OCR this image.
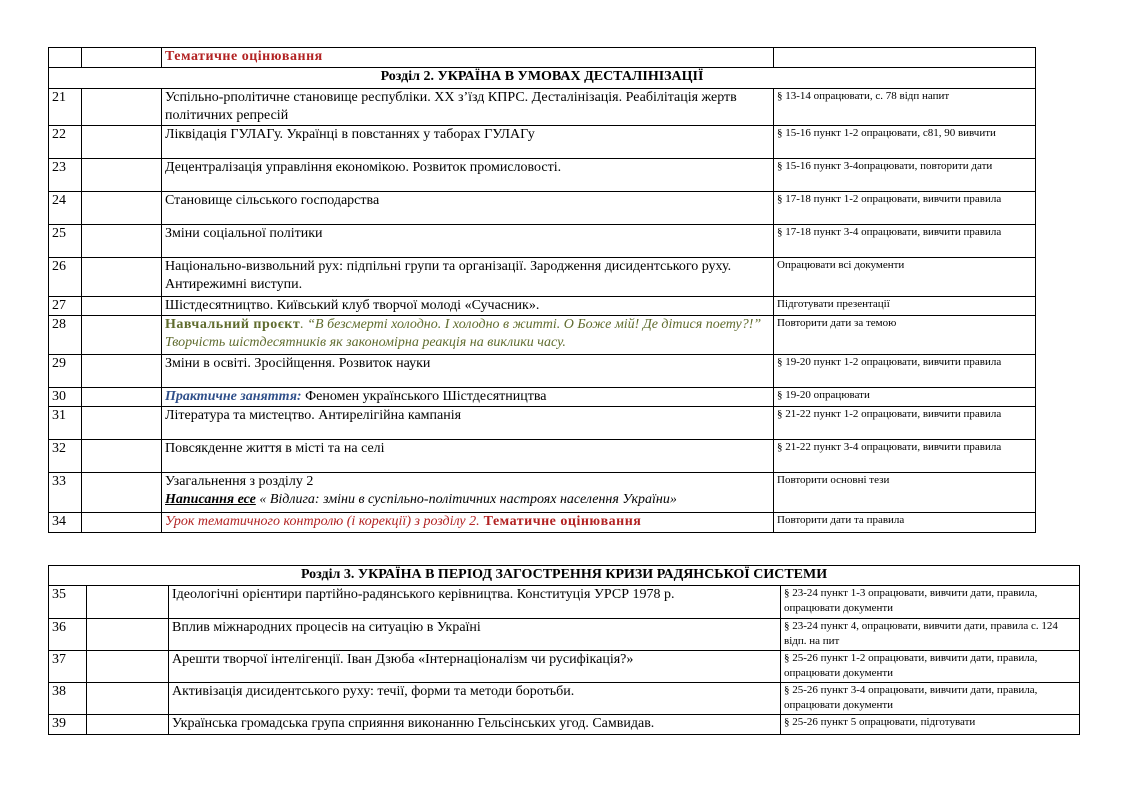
		Тематичне оцінювання	
Розділ 2. УКРАЇНА В УМОВАХ ДЕСТАЛІНІЗАЦІЇ			
21		Успільно-рполітичне становище республіки. ХХ з’їзд КПРС. Десталінізація. Реабілітація жертв політичних репресій	§ 13-14 опрацювати, с. 78 відп напит
22		Ліквідація ГУЛАГу. Українці в повстаннях у таборах ГУЛАГу	§ 15-16 пункт 1-2 опрацювати, с81, 90 вивчити
23		Децентралізація управління економікою. Розвиток промисловості.	§ 15-16 пункт 3-4опрацювати, повторити дати
24		Становище сільського господарства	§ 17-18 пункт 1-2 опрацювати, вивчити правила
25		Зміни соціальної політики	§ 17-18 пункт 3-4 опрацювати, вивчити правила
26		Національно-визвольний рух: підпільні групи та організації. Зародження дисидентського руху. Антирежимні виступи.	Опрацювати всі документи
27		Шістдесятництво. Київський клуб творчої молоді «Сучасник».	Підготувати презентації
28		Навчальний проєкт. “В безсмерті холодно. І холодно в житті. О Боже мій! Де дітися поету?!” Творчість шістдесятників як закономірна реакція на виклики часу.	Повторити дати за темою
29		Зміни в освіті. Зросійщення. Розвиток науки	§ 19-20 пункт 1-2 опрацювати, вивчити правила
30		Практичне заняття: Феномен українського Шістдесятництва	§ 19-20 опрацювати
31		Література та мистецтво. Антирелігійна кампанія	§ 21-22 пункт 1-2 опрацювати, вивчити правила
32		Повсякденне життя в місті та на селі	§ 21-22 пункт 3-4 опрацювати, вивчити правила
33		Узагальнення з розділу 2
Написання есе « Відлига: зміни в суспільно-політичних настроях населення України»	Повторити основні тези
34		Урок тематичного контролю (і корекції) з розділу 2. Тематичне оцінювання	Повторити дати та правила
Розділ 3. УКРАЇНА В ПЕРІОД ЗАГОСТРЕННЯ КРИЗИ РАДЯНСЬКОЇ СИСТЕМИ			
35		Ідеологічні орієнтири партійно-радянського керівництва. Конституція УРСР 1978 р.	§ 23-24 пункт 1-3 опрацювати, вивчити дати, правила, опрацювати документи
36		Вплив міжнародних процесів на ситуацію в Україні	§ 23-24 пункт 4, опрацювати, вивчити дати, правила с. 124 відп. на пит
37		Арешти творчої інтелігенції. Іван Дзюба «Інтернаціоналізм чи русифікація?»	§ 25-26 пункт 1-2 опрацювати, вивчити дати, правила, опрацювати документи
38		Активізація дисидентського руху: течії, форми та методи боротьби.	§ 25-26 пункт 3-4 опрацювати, вивчити дати, правила, опрацювати документи
39		Українська громадська група сприяння виконанню Гельсінських угод. Самвидав.	§ 25-26 пункт 5 опрацювати, підготувати
